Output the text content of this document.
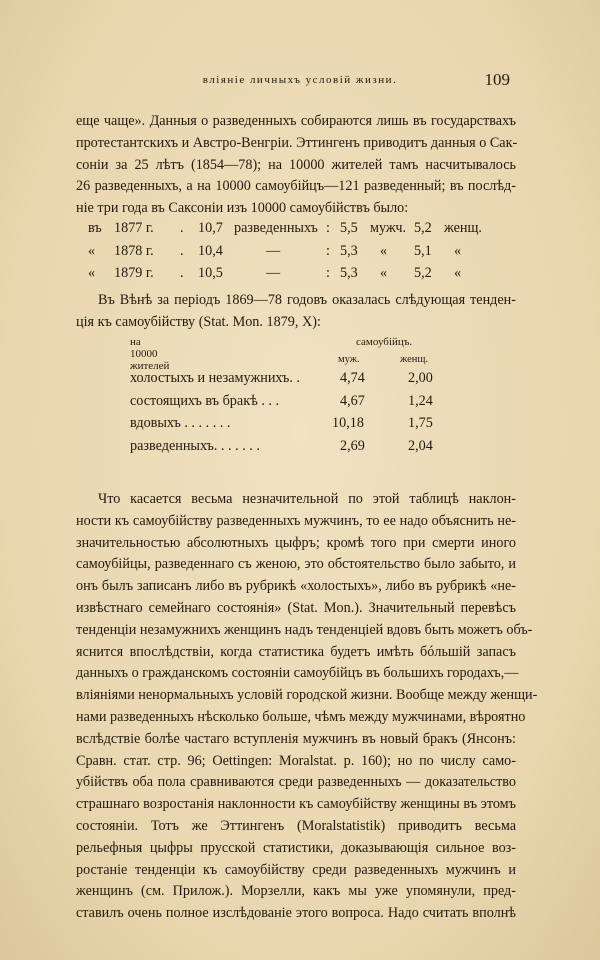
вліяніе личныхъ условій жизни.	109
еще чаще». Данныя о разведенныхъ собираются лишь въ государствахъ
протестантскихъ и Австро-Венгріи. Эттингенъ приводитъ данныя о Сак-
соніи за 25 лѣтъ (1854—78); на 10000 жителей тамъ насчитывалось
26 разведенныхъ, а на 10000 самоубійцъ—121 разведенный; въ послѣд-
ніе три года въ Саксоніи изъ 10000 самоубійствъ было:
въ 1877 г. . 10,7 разведенныхъ : 5,5 мужч. 5,2 женщ.
« 1878 г. . 10,4	—	: 5,3 « 5,1 «
« 1879 г. . 10,5	—	: 5,3 « 5,2 «
Въ Вѣнѣ за періодъ 1869—78 годовъ оказалась слѣдующая тенден-
ція къ самоубійству (Stat. Mon. 1879, X):
на 10000 жителей
самоубійцъ.
муж.	женщ.
холостыхъ и незамужнихъ. .	4,74	2,00
состоящихъ въ бракѣ . . .	4,67	1,24
вдовыхъ . . . . . . .	10,18	1,75
разведенныхъ. . . . . . .	2,69	2,04
Что касается весьма незначительной по этой таблицѣ наклон-
ности къ самоубійству разведенныхъ мужчинъ, то ее надо объяснить не-
значительностью абсолютныхъ цыфръ; кромѣ того при смерти иного
самоубійцы, разведеннаго съ женою, это обстоятельство было забыто, и
онъ былъ записанъ либо въ рубрикѣ «холостыхъ», либо въ рубрикѣ «не-
извѣстнаго семейнаго состоянія» (Stat. Mon.). Значительный перевѣсъ
тенденціи незамужнихъ женщинъ надъ тенденціей вдовъ быть можетъ объ-
яснится впослѣдствіи, когда статистика будетъ имѣть бóльшій запасъ
данныхъ о гражданскомъ состояніи самоубійцъ въ большихъ городахъ,—
вліяніями ненормальныхъ условій городской жизни. Вообще между женщи-
нами разведенныхъ нѣсколько больше, чѣмъ между мужчинами, вѣроятно
вслѣдствіе болѣе частаго вступленія мужчинъ въ новый бракъ (Янсонъ:
Сравн. стат. стр. 96; Oettingen: Moralstat. p. 160); но по числу само-
убійствъ оба пола сравниваются среди разведенныхъ — доказательство
страшнаго возростанія наклонности къ самоубійству женщины въ этомъ
состояніи. Тотъ же Эттингенъ (Moralstatistik) приводитъ весьма
рельефныя цыфры прусской статистики, доказывающія сильное воз-
ростаніе тенденціи къ самоубійству среди разведенныхъ мужчинъ и
женщинъ (см. Прилож.). Морзелли, какъ мы уже упомянули, пред-
ставилъ очень полное изслѣдованіе этого вопроса. Надо считать вполнѣ
